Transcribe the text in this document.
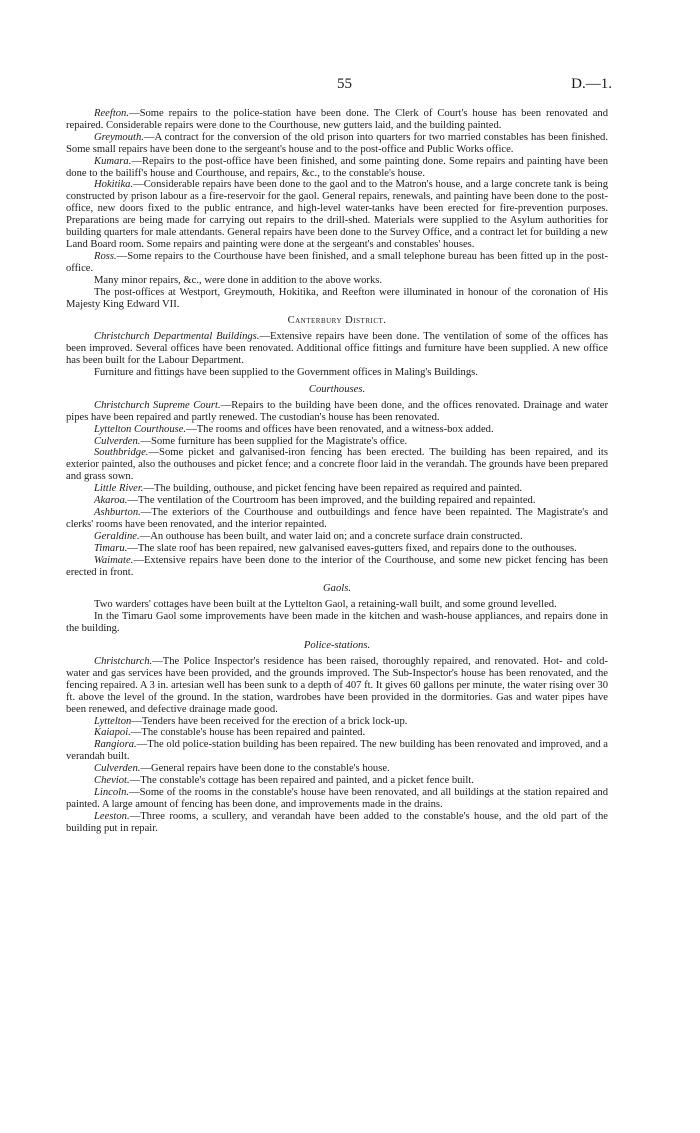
55	D.—1.

Reefton.—Some repairs to the police-station have been done. The Clerk of Court's house has been renovated and repaired. Considerable repairs were done to the Courthouse, new gutters laid, and the building painted.

Greymouth.—A contract for the conversion of the old prison into quarters for two married constables has been finished. Some small repairs have been done to the sergeant's house and to the post-office and Public Works office.

Kumara.—Repairs to the post-office have been finished, and some painting done. Some repairs and painting have been done to the bailiff's house and Courthouse, and repairs, &c., to the constable's house.

Hokitika.—Considerable repairs have been done to the gaol and to the Matron's house, and a large concrete tank is being constructed by prison labour as a fire-reservoir for the gaol. General repairs, renewals, and painting have been done to the post-office, new doors fixed to the public entrance, and high-level water-tanks have been erected for fire-prevention purposes. Preparations are being made for carrying out repairs to the drill-shed. Materials were supplied to the Asylum authorities for building quarters for male attendants. General repairs have been done to the Survey Office, and a contract let for building a new Land Board room. Some repairs and painting were done at the sergeant's and constables' houses.

Ross.—Some repairs to the Courthouse have been finished, and a small telephone bureau has been fitted up in the post-office.

Many minor repairs, &c., were done in addition to the above works.

The post-offices at Westport, Greymouth, Hokitika, and Reefton were illuminated in honour of the coronation of His Majesty King Edward VII.

Canterbury District.

Christchurch Departmental Buildings.—Extensive repairs have been done. The ventilation of some of the offices has been improved. Several offices have been renovated. Additional office fittings and furniture have been supplied. A new office has been built for the Labour Department.

Furniture and fittings have been supplied to the Government offices in Maling's Buildings.

Courthouses.

Christchurch Supreme Court.—Repairs to the building have been done, and the offices renovated. Drainage and water pipes have been repaired and partly renewed. The custodian's house has been renovated.

Lyttelton Courthouse.—The rooms and offices have been renovated, and a witness-box added.

Culverden.—Some furniture has been supplied for the Magistrate's office.

Southbridge.—Some picket and galvanised-iron fencing has been erected. The building has been repaired, and its exterior painted, also the outhouses and picket fence; and a concrete floor laid in the verandah. The grounds have been prepared and grass sown.

Little River.—The building, outhouse, and picket fencing have been repaired as required and painted.

Akaroa.—The ventilation of the Courtroom has been improved, and the building repaired and repainted.

Ashburton.—The exteriors of the Courthouse and outbuildings and fence have been repainted. The Magistrate's and clerks' rooms have been renovated, and the interior repainted.

Geraldine.—An outhouse has been built, and water laid on; and a concrete surface drain constructed.

Timaru.—The slate roof has been repaired, new galvanised eaves-gutters fixed, and repairs done to the outhouses.

Waimate.—Extensive repairs have been done to the interior of the Courthouse, and some new picket fencing has been erected in front.

Gaols.

Two warders' cottages have been built at the Lyttelton Gaol, a retaining-wall built, and some ground levelled.

In the Timaru Gaol some improvements have been made in the kitchen and wash-house appliances, and repairs done in the building.

Police-stations.

Christchurch.—The Police Inspector's residence has been raised, thoroughly repaired, and renovated. Hot- and cold-water and gas services have been provided, and the grounds improved. The Sub-Inspector's house has been renovated, and the fencing repaired. A 3 in. artesian well has been sunk to a depth of 407 ft. It gives 60 gallons per minute, the water rising over 30 ft. above the level of the ground. In the station, wardrobes have been provided in the dormitories. Gas and water pipes have been renewed, and defective drainage made good.

Lyttelton—Tenders have been received for the erection of a brick lock-up.

Kaiapoi.—The constable's house has been repaired and painted.

Rangiora.—The old police-station building has been repaired. The new building has been renovated and improved, and a verandah built.

Culverden.—General repairs have been done to the constable's house.

Cheviot.—The constable's cottage has been repaired and painted, and a picket fence built.

Lincoln.—Some of the rooms in the constable's house have been renovated, and all buildings at the station repaired and painted. A large amount of fencing has been done, and improvements made in the drains.

Leeston.—Three rooms, a scullery, and verandah have been added to the constable's house, and the old part of the building put in repair.
